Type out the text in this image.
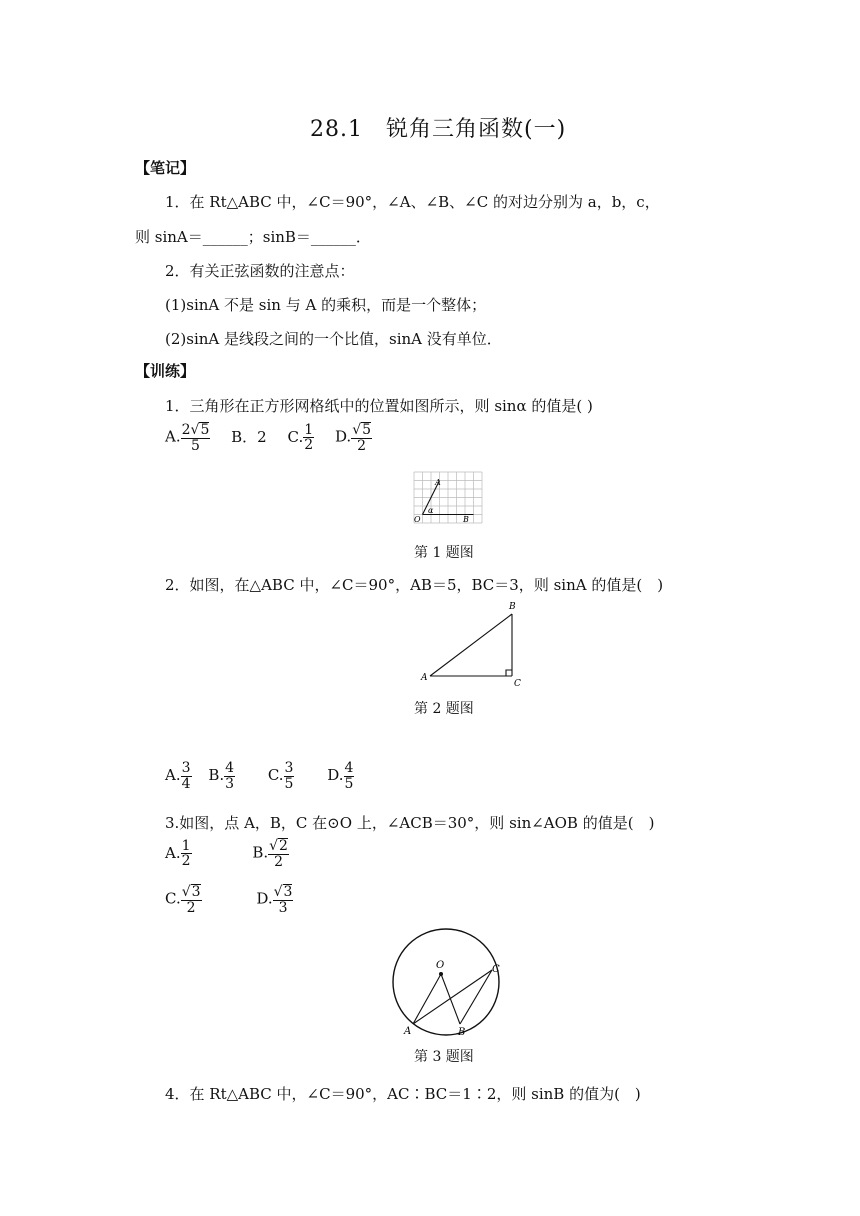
28.1　锐角三角函数(一)
【笔记】
1．在 Rt△ABC 中，∠C＝90°，∠A、∠B、∠C 的对边分别为 a，b，c，
则 sinA＝______；sinB＝______．
2．有关正弦函数的注意点：
(1)sinA 不是 sin 与 A 的乘积，而是一个整体；
(2)sinA 是线段之间的一个比值，sinA 没有单位．
【训练】
1．三角形在正方形网格纸中的位置如图所示，则 sinα 的值是( )
A. $\frac{2√5}{5}$ B．2 C. $\frac{1}{2} D$. $\frac{√5}{2}$
A
O	B
α
第 1 题图
2．如图，在△ABC 中，∠C＝90°，AB＝5，BC＝3，则 sinA 的值是(　)
A
B
C
第 2 题图
A. $\frac{3}{4} B$. $\frac{4}{3} C$. $\frac{3}{5} D$. $\frac{4}{5}$
3.如图，点 A，B，C 在⊙O 上，∠ACB＝30°，则 sin∠AOB 的值是(　)
A. $\frac{1}{2}$	B. $\frac{√2}{2}$
C. $\frac{√3}{2}$	D. $\frac{√3}{3}$
O
A	B
C
第 3 题图
4．在 Rt△ABC 中，∠C＝90°，AC∶BC＝1∶2，则 sinB 的值为(　)
